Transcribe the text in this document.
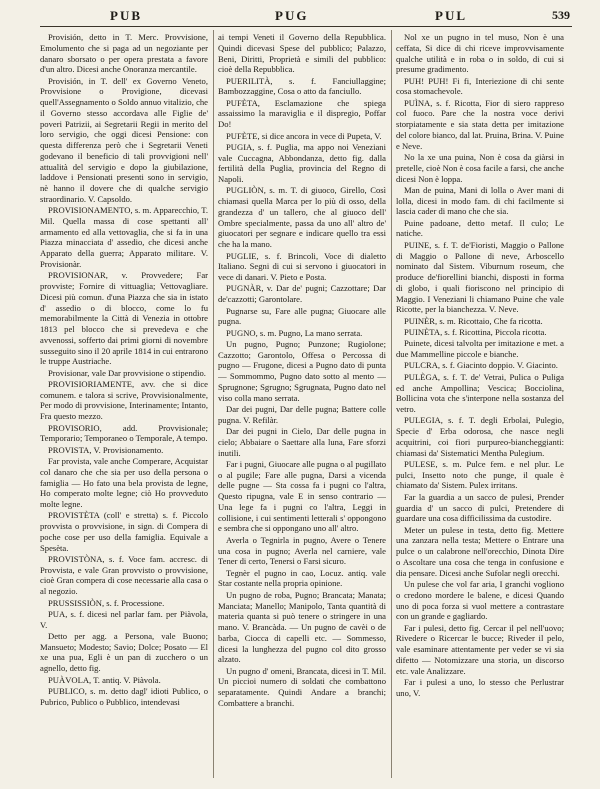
PUB	PUG	PUL	539

Provisión, detto in T. Merc. Provvisione, Emolumento che si paga ad un negoziante per danaro sborsato o per opera prestata a favore d'un altro. Dicesi anche Onoranza mercantile.

Provisión, in T. dell' ex Governo Veneto, Provvisione o Provigione, dicevasi quell'Assegnamento o Soldo annuo vitalizio, che il Governo stesso accordava alle Figlie de' poveri Patrizii, ai Segretarii Regii in merito del loro servigio, che oggi dicesi Pensione: con questa differenza però che i Segretarii Veneti godevano il beneficio di tali provvigioni nell' attualità del servigio e dopo la giubilazione, laddove i Pensionati presenti sono in servigio, nè hanno il dovere che di qualche servigio straordinario. V. Capsoldo.

PROVISIONAMENTO, s. m. Apparecchio, T. Mil. Quella massa di cose spettanti all' armamento ed alla vettovaglia, che si fa in una Piazza minacciata d' assedio, che dicesi anche Apparato della guerra; Apparato militare. V. Provisionàr.

PROVISIONAR, v. Provvedere; Far provviste; Fornire di vittuaglia; Vettovagliare. Dicesi più comun. d'una Piazza che sia in istato d' assedio o di blocco, come lo fu memorabilmente la Città di Venezia in ottobre 1813 pel blocco che si prevedeva e che avvenossi, sofferto dai primi giorni di novembre susseguito sino il 20 aprile 1814 in cui entrarono le truppe Austriache.

Provisionar, vale Dar provvisione o stipendio.

PROVISIORIAMENTE, avv. che si dice comunem. e talora si scrive, Provvisionalmente, Per modo di provvisione, Interinamente; Intanto, Fra questo mezzo.

PROVISORIO, add. Provvisionale; Temporario; Temporaneo o Temporale, A tempo.

PROVISTA, V. Provisionamento.

Far provista, vale anche Comperare, Acquistar col danaro che che sia per uso della persona o famiglia — Ho fato una bela provista de legne, Ho comperato molte legne; ciò Ho provveduto molte legne.

PROVISTÈTA (coll' e stretta) s. f. Piccolo provvista o provvisione, in sign. di Compera di poche cose per uso della famiglia. Equivale a Spesèta.

PROVISTÒNA, s. f. Voce fam. accresc. di Provvista, e vale Gran provvisto o provvisione, cioè Gran compera di cose necessarie alla casa o al negozio.

PRUSSISSIÒN, s. f. Processione.

PUA, s. f. dicesi nel parlar fam. per Piàvola, V.

Detto per agg. a Persona, vale Buono; Mansueto; Modesto; Savio; Dolce; Posato — El xe una pua, Egli è un pan di zucchero o un agnello, detto fig.

PUÀVOLA, T. antiq. V. Piàvola.

PUBLICO, s. m. detto dagl' idioti Publico, o Pubrico, Publico o Pubblico, intendevasi

ai tempi Veneti il Governo della Repubblica. Quindi dicevasi Spese del pubblico; Palazzo, Beni, Diritti, Proprietà e simili del pubblico: cioè della Repubblica.

PUERILITÀ, s. f. Fanciullaggine; Bambozzaggine, Cosa o atto da fanciullo.

PUFÈTA, Esclamazione che spiega assaissimo la maraviglia e il dispregio, Poffar Do!

PUFÈTE, si dice ancora in vece di Pupeta, V.

PUGIA, s. f. Puglia, ma appo noi Veneziani vale Cuccagna, Abbondanza, detto fig. dalla fertilità della Puglia, provincia del Regno di Napoli.

PUGLIÒN, s. m. T. di giuoco, Girello, Così chiamasi quella Marca per lo più di osso, della grandezza d' un tallero, che al giuoco dell' Ombre specialmente, passa da uno all' altro de' giuocatori per segnare e indicare quello tra essi che ha la mano.

PUGLIE, s. f. Brincoli, Voce di dialetto Italiano. Segni di cui si servono i giuocatori in vece di danari. V. Pieto e Posta.

PUGNÀR, v. Dar de' pugni; Cazzottare; Dar de'cazzotti; Garontolare.

Pugnarse su, Fare alle pugna; Giuocare alle pugna.

PUGNO, s. m. Pugno, La mano serrata.

Un pugno, Pugno; Punzone; Rugiolone; Cazzotto; Garontolo, Offesa o Percossa di pugno — Frugone, dicesi a Pugno dato di punta — Sommommo, Pugno dato sotto al mento — Sprugnone; Sgrugno; Sgrugnata, Pugno dato nel viso colla mano serrata.

Dar dei pugni, Dar delle pugna; Battere colle pugna. V. Refilàr.

Dar dei pugni in Cielo, Dar delle pugna in cielo; Abbaiare o Saettare alla luna, Fare sforzi inutili.

Far i pugni, Giuocare alle pugna o al pugillato o al pugile; Fare alle pugna, Darsi a vicenda delle pugne — Sta cossa fa i pugni co l'altra, Questo ripugna, vale E in senso contrario — Una lege fa i pugni co l'altra, Leggi in collisione, i cui sentimenti letterali s' oppongono e sembra che si oppongano uno all' altro.

Averla o Tegnirla in pugno, Avere o Tenere una cosa in pugno; Averla nel carniere, vale Tener di certo, Tenersi o Farsi sicuro.

Tegnèr el pugno in cao, Locuz. antiq. vale Star costante nella propria opinione.

Un pugno de roba, Pugno; Brancata; Manata; Manciata; Manello; Manipolo, Tanta quantità di materia quanta si può tenere o stringere in una mano. V. Brancàda. — Un pugno de cavèi o de barba, Ciocca di capelli etc. — Sommesso, dicesi la lunghezza del pugno col dito grosso alzato.

Un pugno d' omeni, Brancata, dicesi in T. Mil. Un piccioi numero di soldati che combattono separatamente. Quindi Andare a branchi; Combattere a branchi.

Nol xe un pugno in tel muso, Non è una ceffata, Si dice di chi riceve improvvisamente qualche utilità e in roba o in soldo, di cui si presume gradimento.

PUH! PUH! Fi fi, Interiezione di chi sente cosa stomachevole.

PUÌNA, s. f. Ricotta, Fior di siero rappreso col fuoco. Pare che la nostra voce derivi storpiatamente e sia stata detta per imitazione del colore bianco, dal lat. Pruina, Brina. V. Puine e Neve.

No la xe una puina, Non è cosa da giàrsi in pretelle, cioè Non è cosa facile a farsi, che anche dicesi Non è loppa.

Man de puina, Mani di lolla o Aver mani di lolla, dicesi in modo fam. di chi facilmente si lascia cader di mano che che sia.

Puine padoane, detto metaf. Il culo; Le natiche.

PUINE, s. f. T. de'Fioristi, Maggio o Pallone di Maggio o Pallone di neve, Arboscello nominato dal Sistem. Viburnum roseum, che produce de'fiorellini bianchi, disposti in forma di globo, i quali fioriscono nel principio di Maggio. I Veneziani li chiamano Puine che vale Ricotte, per la bianchezza. V. Neve.

PUINÈR, s. m. Ricottaio, Che fa ricotta.

PUINÈTA, s. f. Ricottina, Piccola ricotta.

Puinete, dicesi talvolta per imitazione e met. a due Mammelline piccole e bianche.

PULCRA, s. f. Giacinto doppio. V. Giacinto.

PULÈGA, s. f. T. de' Vetrai, Pulica o Puliga ed anche Ampollina; Vescica; Bocciolina, Bollicina vota che s'interpone nella sostanza del vetro.

PULEGIA, s. f. T. degli Erbolai, Pulegio, Specie d' Erba odorosa, che nasce negli acquitrini, coi fiori purpureo-biancheggianti: chiamasi da' Sistematici Mentha Pulegium.

PULESE, s. m. Pulce fem. e nel plur. Le pulci, Insetto noto che punge, il quale è chiamato da' Sistem. Pulex irritans.

Far la guardia a un sacco de pulesi, Prender guardia d' un sacco di pulci, Pretendere di guardare una cosa difficilissima da custodire.

Meter un pulese in testa, detto fig. Mettere una zanzara nella testa; Mettere o Entrare una pulce o un calabrone nell'orecchio, Dinota Dire o Ascoltare una cosa che tenga in confusione e dia pensare. Dicesi anche Sufolar negli orecchi.

Un pulese che vol far aria, I granchi vogliono o credono mordere le balene, e dicesi Quando uno di poca forza si vuol mettere a contrastare con un grande e gagliardo.

Far i pulesi, detto fig. Cercar il pel nell'uovo; Rivedere o Ricercar le bucce; Riveder il pelo, vale esaminare attentamente per veder se vi sia difetto — Notomizzare una storia, un discorso etc. vale Analizzare.

Far i pulesi a uno, lo stesso che Perlustrar uno, V.
